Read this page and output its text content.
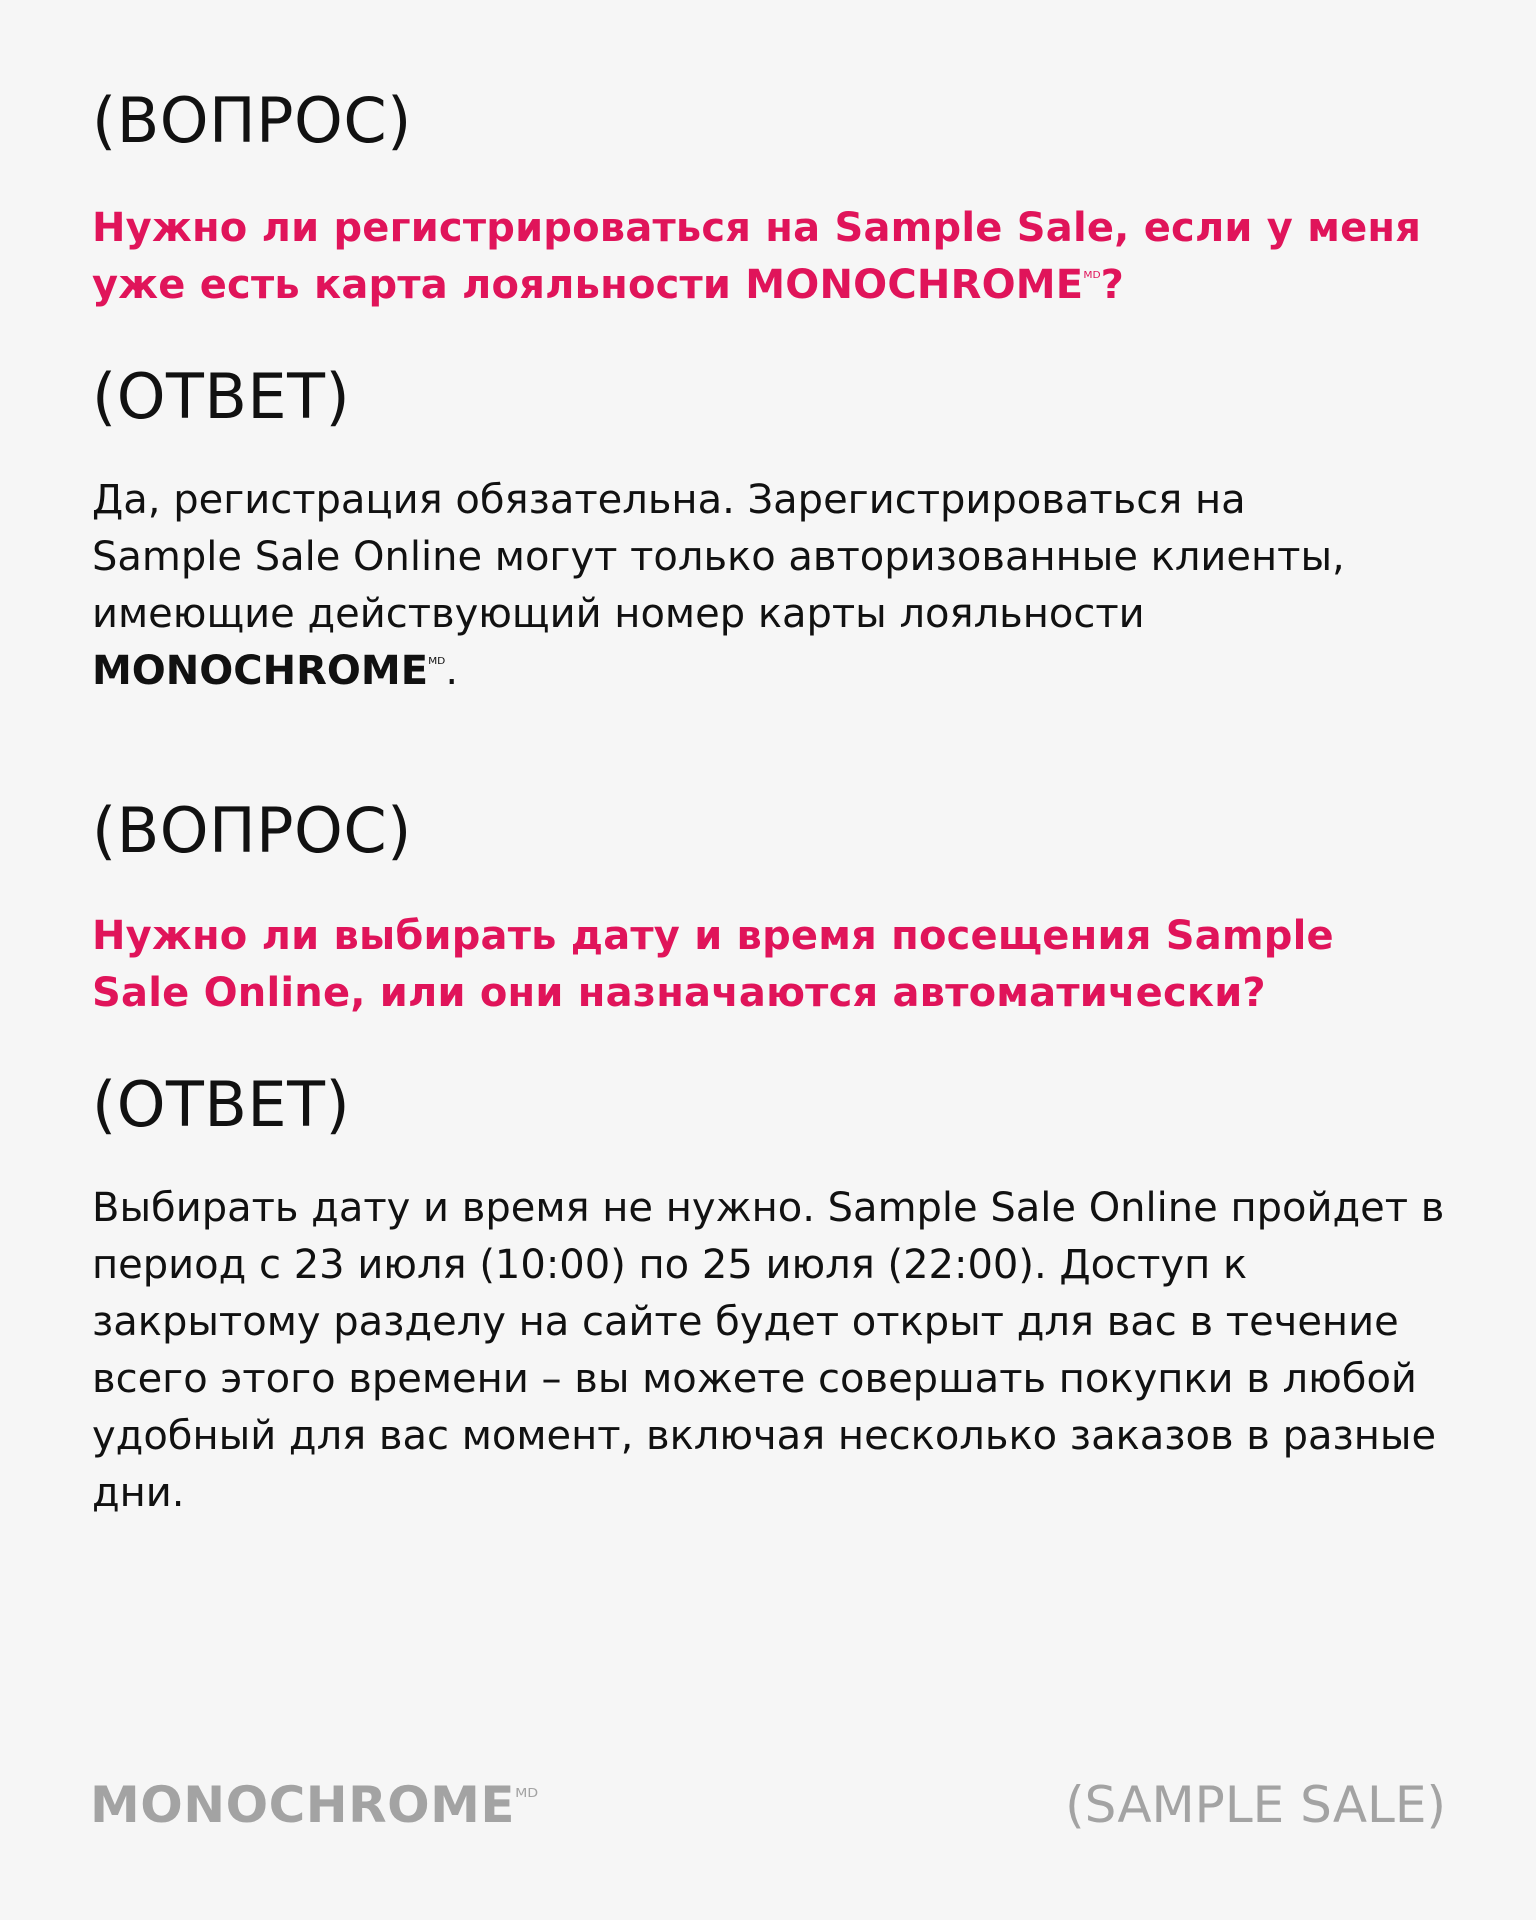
(ВОПРОС)
Нужно ли регистрироваться на Sample Sale, если у меня уже есть карта лояльности $MONOCHROME^{ᴹᴰ}$?
(ОТВЕТ)
Да, регистрация обязательна. Зарегистрироваться на Sample Sale Online могут только авторизованные клиенты, имеющие действующий номер карты лояльности $MONOCHROME^{ᴹᴰ}$.
(ВОПРОС)
Нужно ли выбирать дату и время посещения Sample Sale Online, или они назначаются автоматически?
(ОТВЕТ)
Выбирать дату и время не нужно. Sample Sale Online пройдет в период с 23 июля (10:00) по 25 июля (22:00). Доступ к закрытому разделу на сайте будет открыт для вас в течение всего этого времени – вы можете совершать покупки в любой удобный для вас момент, включая несколько заказов в разные дни.
$MONOCHROME^{ᴹᴰ}$	(SAMPLE SALE)
